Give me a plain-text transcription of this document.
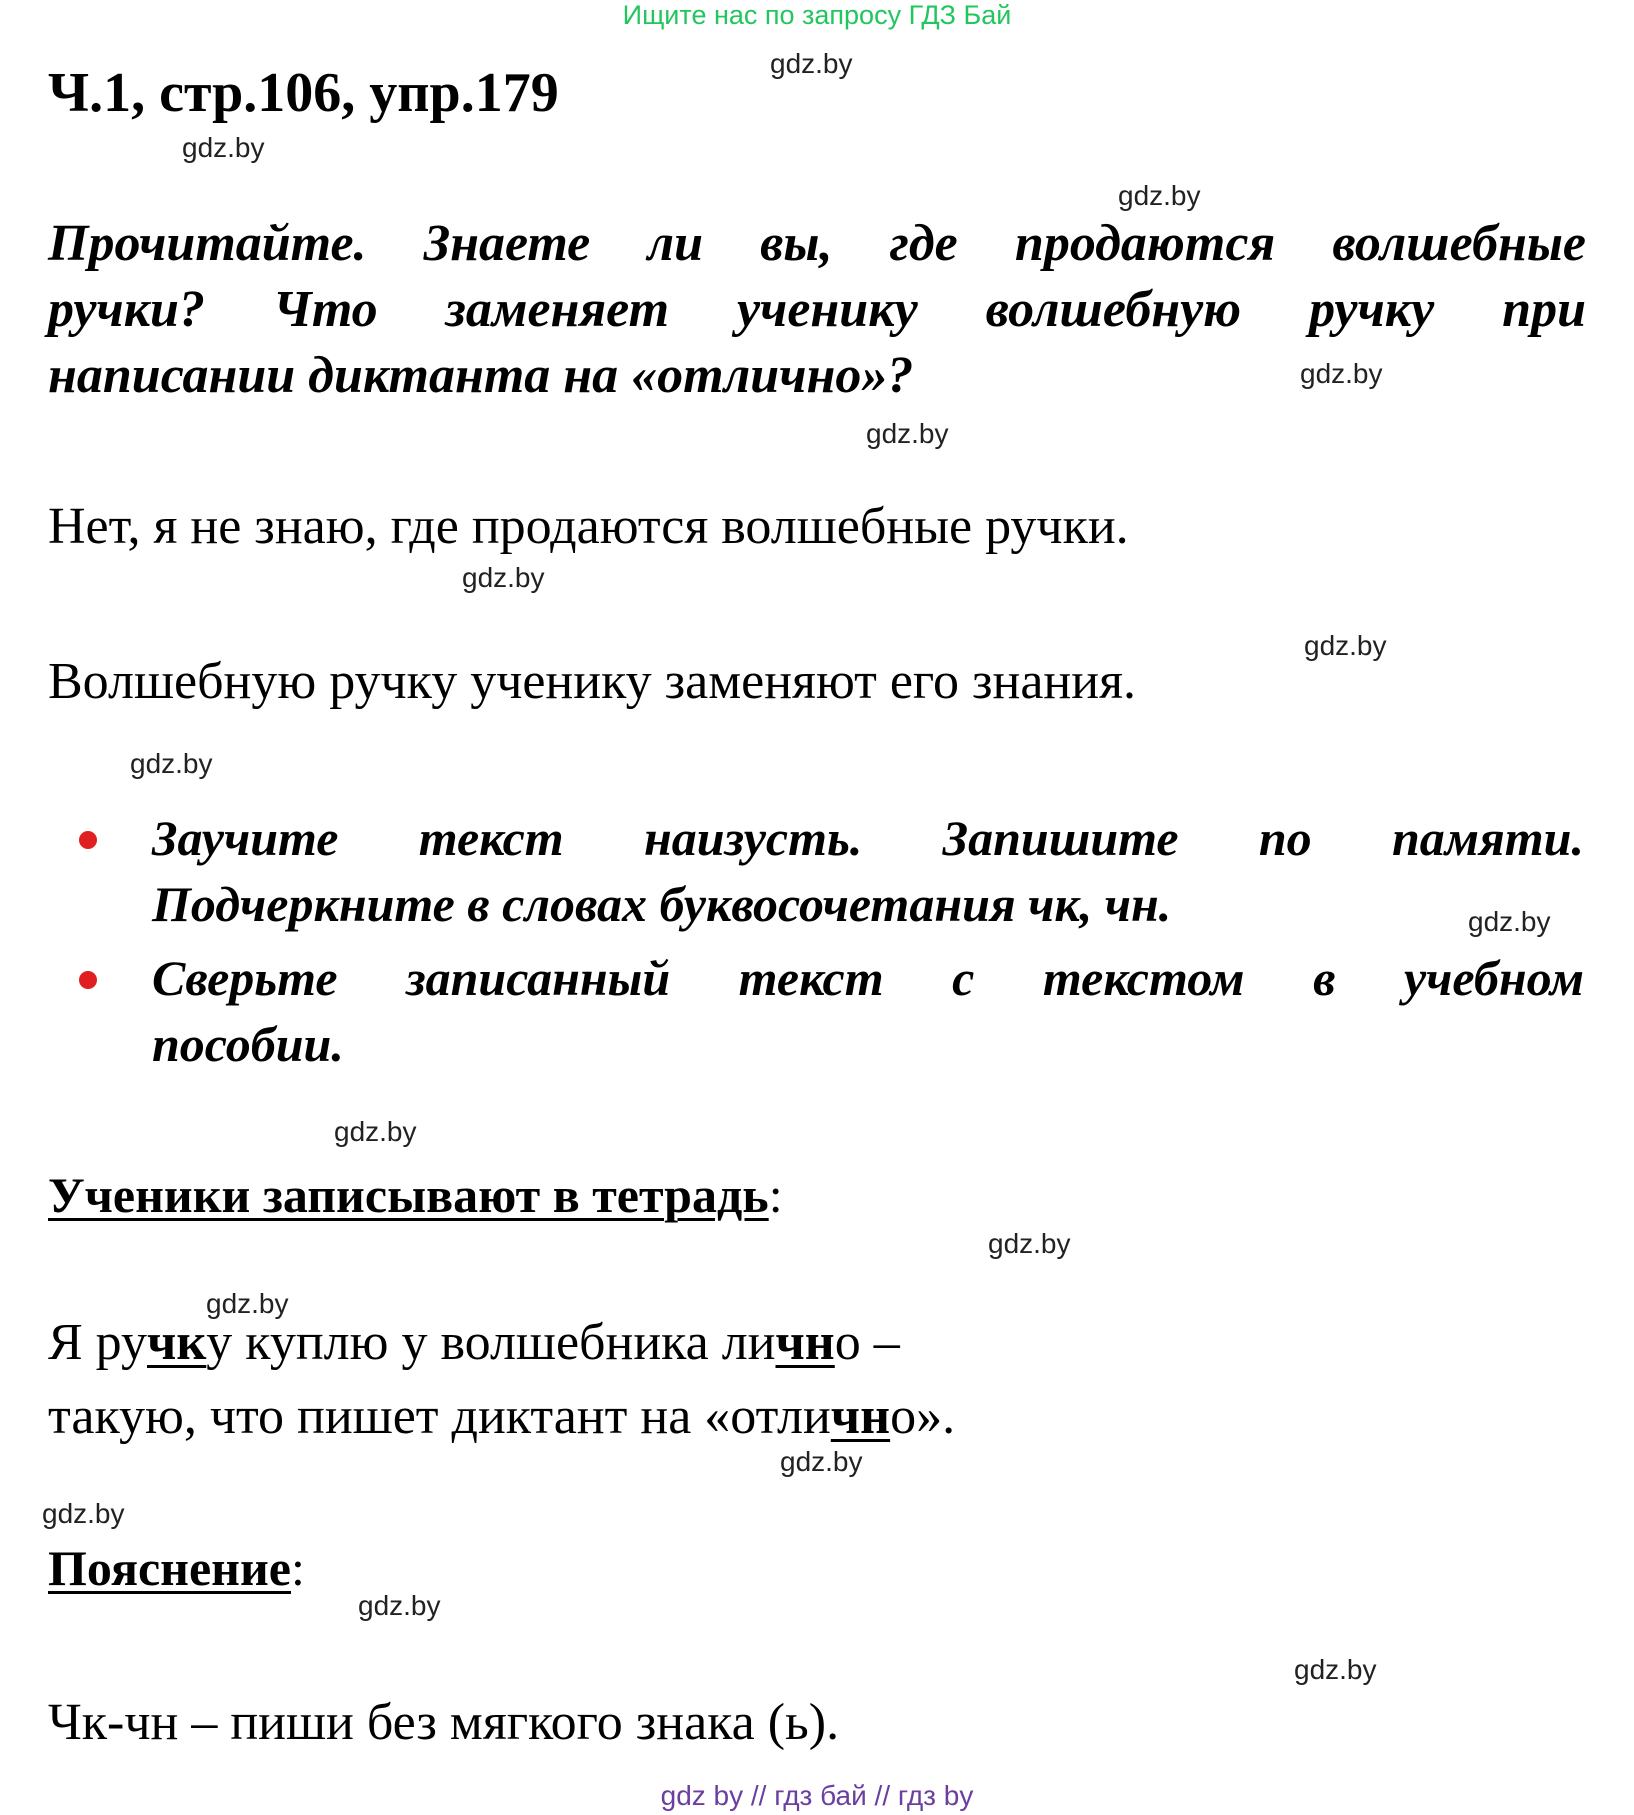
Ищите нас по запросу ГДЗ Бай
Ч.1, стр.106, упр.179
Прочитайте. Знаете ли вы, где продаются волшебные
ручки? Что заменяет ученику волшебную ручку при
написании диктанта на «отлично»?
Нет, я не знаю, где продаются волшебные ручки.
Волшебную ручку ученику заменяют его знания.
Заучите текст наизусть. Запишите по памяти.
Подчеркните в словах буквосочетания чк, чн.
Сверьте записанный текст с текстом в учебном
пособии.
Ученики записывают в тетрадь:
Я ручку куплю у волшебника лично –
такую, что пишет диктант на «отлично».
Пояснение:
Чк-чн – пиши без мягкого знака (ь).
gdz.by
gdz.by
gdz.by
gdz.by
gdz.by
gdz.by
gdz.by
gdz.by
gdz.by
gdz.by
gdz.by
gdz.by
gdz.by
gdz.by
gdz.by
gdz.by
gdz by // гдз бай // гдз by
